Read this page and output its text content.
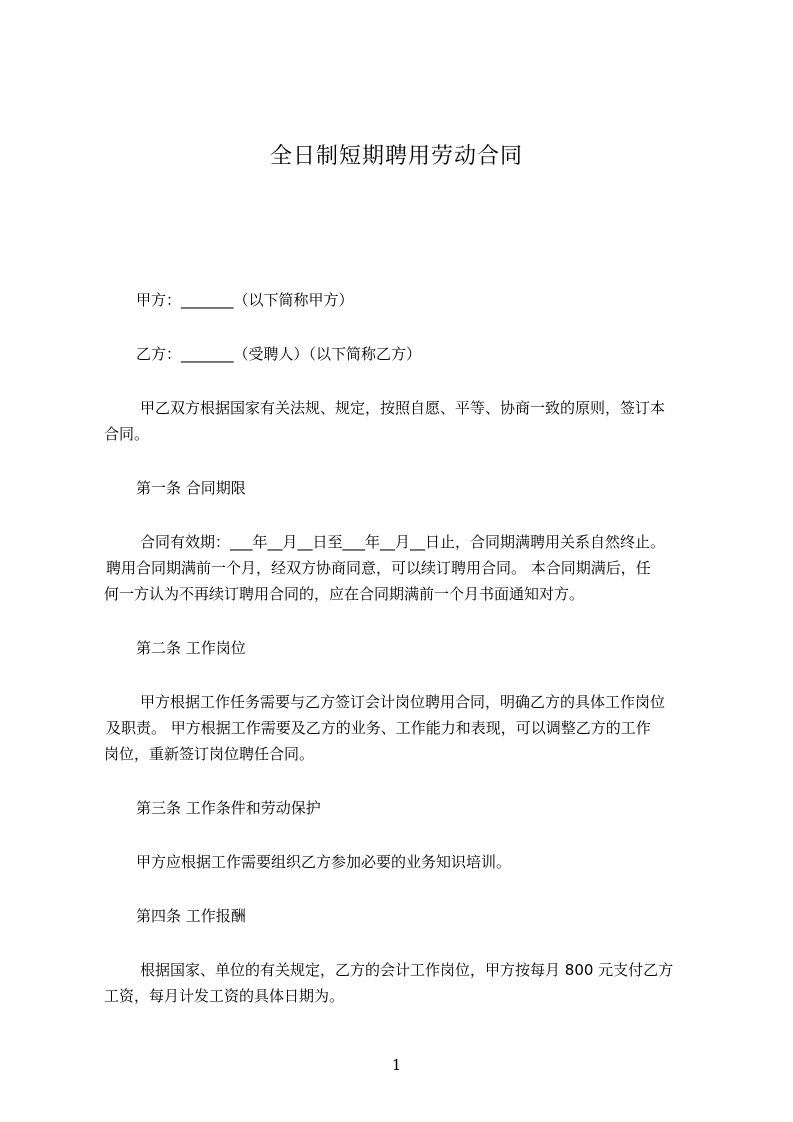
全日制短期聘用劳动合同

甲方：_______（以下简称甲方）

乙方：_______（受聘人）（以下简称乙方）

甲乙双方根据国家有关法规、规定，按照自愿、平等、协商一致的原则，签订本

合同。

第一条 合同期限

合同有效期：___年__月__日至___年__月__日止，合同期满聘用关系自然终止。

聘用合同期满前一个月，经双方协商同意，可以续订聘用合同。 本合同期满后，任

何一方认为不再续订聘用合同的，应在合同期满前一个月书面通知对方。

第二条 工作岗位

甲方根据工作任务需要与乙方签订会计岗位聘用合同，明确乙方的具体工作岗位

及职责。 甲方根据工作需要及乙方的业务、工作能力和表现，可以调整乙方的工作

岗位，重新签订岗位聘任合同。

第三条 工作条件和劳动保护

甲方应根据工作需要组织乙方参加必要的业务知识培训。

第四条 工作报酬

根据国家、单位的有关规定，乙方的会计工作岗位，甲方按每月 800 元支付乙方

工资，每月计发工资的具体日期为。

1
